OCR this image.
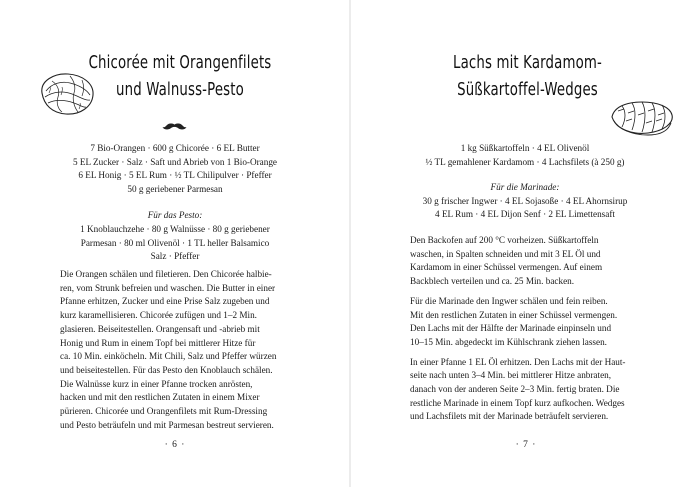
Chicorée mit Orangenfilets
und Walnuss-Pesto
7 Bio-Orangen · 600 g Chicorée · 6 EL Butter
5 EL Zucker · Salz · Saft und Abrieb von 1 Bio-Orange
6 EL Honig · 5 EL Rum · ½ TL Chilipulver · Pfeffer
50 g geriebener Parmesan
Für das Pesto:
1 Knoblauchzehe · 80 g Walnüsse · 80 g geriebener
Parmesan · 80 ml Olivenöl · 1 TL heller Balsamico
Salz · Pfeffer
Die Orangen schälen und filetieren. Den Chicorée halbie-
ren, vom Strunk befreien und waschen. Die Butter in einer
Pfanne erhitzen, Zucker und eine Prise Salz zugeben und
kurz karamellisieren. Chicorée zufügen und 1–2 Min.
glasieren. Beiseitestellen. Orangensaft und -abrieb mit
Honig und Rum in einem Topf bei mittlerer Hitze für
ca. 10 Min. einköcheln. Mit Chili, Salz und Pfeffer würzen
und beiseitestellen. Für das Pesto den Knoblauch schälen.
Die Walnüsse kurz in einer Pfanne trocken anrösten,
hacken und mit den restlichen Zutaten in einem Mixer
pürieren. Chicorée und Orangenfilets mit Rum-Dressing
und Pesto beträufeln und mit Parmesan bestreut servieren.
· 6 ·
Lachs mit Kardamom-
Süßkartoffel-Wedges
1 kg Süßkartoffeln · 4 EL Olivenöl
½ TL gemahlener Kardamom · 4 Lachsfilets (à 250 g)
Für die Marinade:
30 g frischer Ingwer · 4 EL Sojasoße · 4 EL Ahornsirup
4 EL Rum · 4 EL Dijon Senf · 2 EL Limettensaft

Den Backofen auf 200 °C vorheizen. Süßkartoffeln
waschen, in Spalten schneiden und mit 3 EL Öl und
Kardamom in einer Schüssel vermengen. Auf einem
Backblech verteilen und ca. 25 Min. backen.

Für die Marinade den Ingwer schälen und fein reiben.
Mit den restlichen Zutaten in einer Schüssel vermengen.
Den Lachs mit der Hälfte der Marinade einpinseln und
10–15 Min. abgedeckt im Kühlschrank ziehen lassen.

In einer Pfanne 1 EL Öl erhitzen. Den Lachs mit der Haut-
seite nach unten 3–4 Min. bei mittlerer Hitze anbraten,
danach von der anderen Seite 2–3 Min. fertig braten. Die
restliche Marinade in einem Topf kurz aufkochen. Wedges
und Lachsfilets mit der Marinade beträufelt servieren.

· 7 ·
